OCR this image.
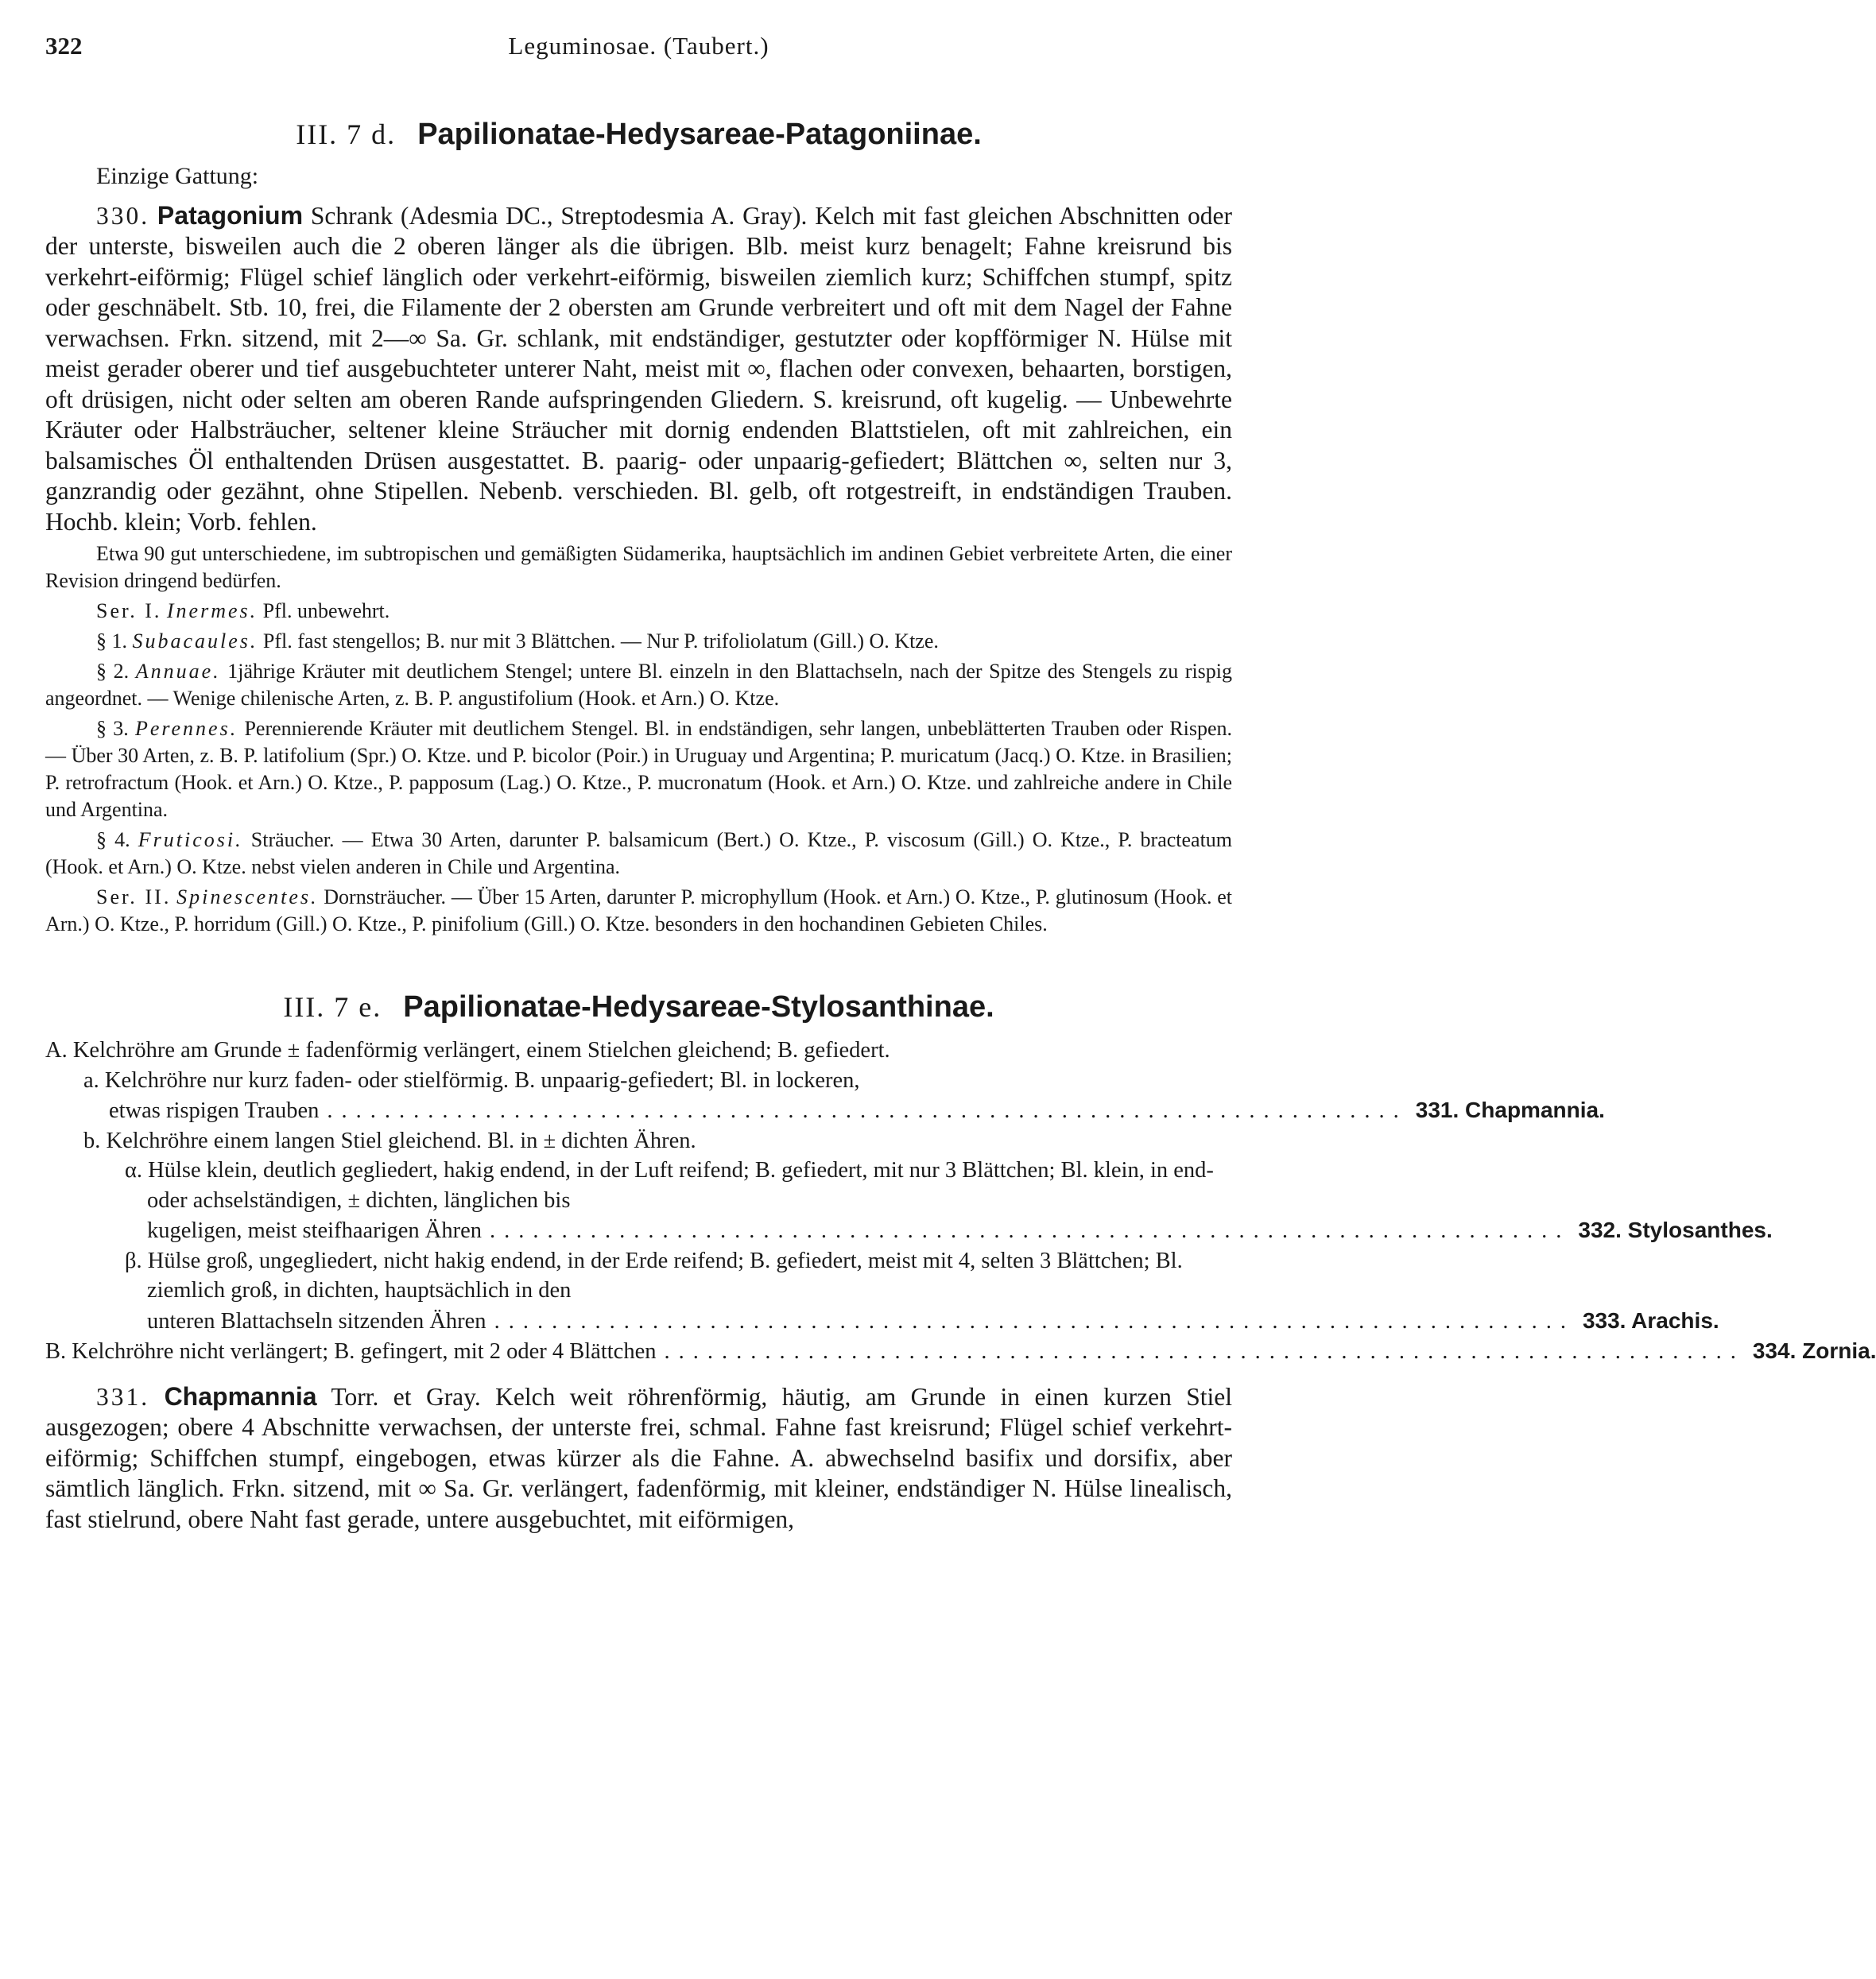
322	Leguminosae. (Taubert.)
III. 7 d. Papilionatae-Hedysareae-Patagoniinae.

Einzige Gattung:

330. Patagonium Schrank (Adesmia DC., Streptodesmia A. Gray). Kelch mit fast gleichen Abschnitten oder der unterste, bisweilen auch die 2 oberen länger als die übrigen. Blb. meist kurz benagelt; Fahne kreisrund bis verkehrt-eiförmig; Flügel schief länglich oder verkehrt-eiförmig, bisweilen ziemlich kurz; Schiffchen stumpf, spitz oder geschnäbelt. Stb. 10, frei, die Filamente der 2 obersten am Grunde verbreitert und oft mit dem Nagel der Fahne verwachsen. Frkn. sitzend, mit 2—∞ Sa. Gr. schlank, mit endständiger, gestutzter oder kopfförmiger N. Hülse mit meist gerader oberer und tief ausgebuchteter unterer Naht, meist mit ∞, flachen oder convexen, behaarten, borstigen, oft drüsigen, nicht oder selten am oberen Rande aufspringenden Gliedern. S. kreisrund, oft kugelig. — Unbewehrte Kräuter oder Halbsträucher, seltener kleine Sträucher mit dornig endenden Blattstielen, oft mit zahlreichen, ein balsamisches Öl enthaltenden Drüsen ausgestattet. B. paarig- oder unpaarig-gefiedert; Blättchen ∞, selten nur 3, ganzrandig oder gezähnt, ohne Stipellen. Nebenb. verschieden. Bl. gelb, oft rotgestreift, in endständigen Trauben. Hochb. klein; Vorb. fehlen.

Etwa 90 gut unterschiedene, im subtropischen und gemäßigten Südamerika, hauptsächlich im andinen Gebiet verbreitete Arten, die einer Revision dringend bedürfen.

Ser. I. Inermes. Pfl. unbewehrt.

§ 1. Subacaules. Pfl. fast stengellos; B. nur mit 3 Blättchen. — Nur P. trifoliolatum (Gill.) O. Ktze.

§ 2. Annuae. 1jährige Kräuter mit deutlichem Stengel; untere Bl. einzeln in den Blattachseln, nach der Spitze des Stengels zu rispig angeordnet. — Wenige chilenische Arten, z. B. P. angustifolium (Hook. et Arn.) O. Ktze.

§ 3. Perennes. Perennierende Kräuter mit deutlichem Stengel. Bl. in endständigen, sehr langen, unbeblätterten Trauben oder Rispen. — Über 30 Arten, z. B. P. latifolium (Spr.) O. Ktze. und P. bicolor (Poir.) in Uruguay und Argentina; P. muricatum (Jacq.) O. Ktze. in Brasilien; P. retrofractum (Hook. et Arn.) O. Ktze., P. papposum (Lag.) O. Ktze., P. mucronatum (Hook. et Arn.) O. Ktze. und zahlreiche andere in Chile und Argentina.

§ 4. Fruticosi. Sträucher. — Etwa 30 Arten, darunter P. balsamicum (Bert.) O. Ktze., P. viscosum (Gill.) O. Ktze., P. bracteatum (Hook. et Arn.) O. Ktze. nebst vielen anderen in Chile und Argentina.

Ser. II. Spinescentes. Dornsträucher. — Über 15 Arten, darunter P. microphyllum (Hook. et Arn.) O. Ktze., P. glutinosum (Hook. et Arn.) O. Ktze., P. horridum (Gill.) O. Ktze., P. pinifolium (Gill.) O. Ktze. besonders in den hochandinen Gebieten Chiles.

III. 7 e. Papilionatae-Hedysareae-Stylosanthinae.

A. Kelchröhre am Grunde ± fadenförmig verlängert, einem Stielchen gleichend; B. gefiedert.

a. Kelchröhre nur kurz faden- oder stielförmig. B. unpaarig-gefiedert; Bl. in lockeren,
etwas rispigen Trauben ........................................................................... 331. Chapmannia.

b. Kelchröhre einem langen Stiel gleichend. Bl. in ± dichten Ähren.

α. Hülse klein, deutlich gegliedert, hakig endend, in der Luft reifend; B. gefiedert, mit nur 3 Blättchen; Bl. klein, in end- oder achselständigen, ± dichten, länglichen bis
kugeligen, meist steifhaarigen Ähren ........................................................................... 332. Stylosanthes.
β. Hülse groß, ungegliedert, nicht hakig endend, in der Erde reifend; B. gefiedert, meist mit 4, selten 3 Blättchen; Bl. ziemlich groß, in dichten, hauptsächlich in den
unteren Blattachseln sitzenden Ähren ........................................................................... 333. Arachis.
B. Kelchröhre nicht verlängert; B. gefingert, mit 2 oder 4 Blättchen ........................................................................... 334. Zornia.

331. Chapmannia Torr. et Gray. Kelch weit röhrenförmig, häutig, am Grunde in einen kurzen Stiel ausgezogen; obere 4 Abschnitte verwachsen, der unterste frei, schmal. Fahne fast kreisrund; Flügel schief verkehrt-eiförmig; Schiffchen stumpf, eingebogen, etwas kürzer als die Fahne. A. abwechselnd basifix und dorsifix, aber sämtlich länglich. Frkn. sitzend, mit ∞ Sa. Gr. verlängert, fadenförmig, mit kleiner, endständiger N. Hülse linealisch, fast stielrund, obere Naht fast gerade, untere ausgebuchtet, mit eiförmigen,
